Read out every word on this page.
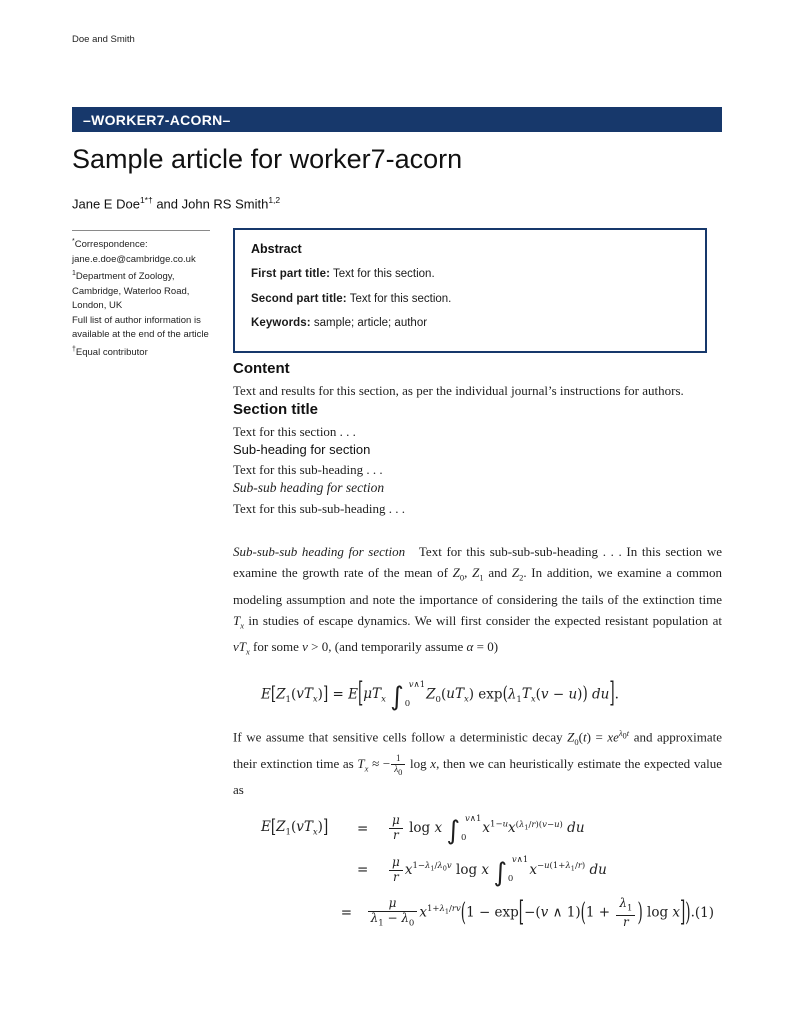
Doe and Smith
–WORKER7-ACORN–
Sample article for worker7-acorn
Jane E Doe$^{1*\dagger}$ and John RS Smith$^{1,2}$

*Correspondence: jane.e.doe@cambridge.co.uk

$^1$Department of Zoology, Cambridge, Waterloo Road, London, UK

Full list of author information is available at the end of the article

†Equal contributor

Abstract

First part title: Text for this section.

Second part title: Text for this section.

Keywords: sample; article; author

Content

Text and results for this section, as per the individual journal’s instructions for authors.

Section title

Text for this section . . .

Sub-heading for section

Text for this sub-heading . . .

Sub-sub heading for section

Text for this sub-sub-heading . . .

Sub-sub-sub heading for section   Text for this sub-sub-sub-heading . . . In this section we examine the growth rate of the mean of $Z_0$, $Z_1$ and $Z_2$. In addition, we examine a common modeling assumption and note the importance of considering the tails of the extinction time $T_x$ in studies of escape dynamics. We will first consider the expected resistant population at $vT_x$ for some v > 0, (and temporarily assume α = 0)

$E[Z_1(vT_x)] = E[\mu T_x$ ∫ v∧1
0
$Z_0(uT_x) \exp(\lambda_1T_x(v - u))$ du].

If we assume that sensitive cells follow a deterministic decay $Z_0(t) = xe^{\lambda_0t}$ and approximate their extinction time as $T_x$ ≈ − $\frac{1}{\lambda_0}$ log x, then we can heuristically estimate the expected value as

$E[Z_1(vT_x)]$	=	$\frac{\mu}{r}$ log x ∫ v∧1
0
$x^{1-u}x^{(\lambda_1/r)(v-u)}$ du
=	$\frac{\mu}{r} x^{1-\lambda_1/\lambda_0v}$ log x ∫ v∧1
0
$x^{-u(1+\lambda_1/r)}$ du
=	$\frac{\mu}{\lambda_1 - \lambda_0} x^{1+\lambda_1/rv}(1 - \exp[-(v$ ∧ $1)(1 + \frac{\lambda_1}{r}$ ) log x]). (1)
